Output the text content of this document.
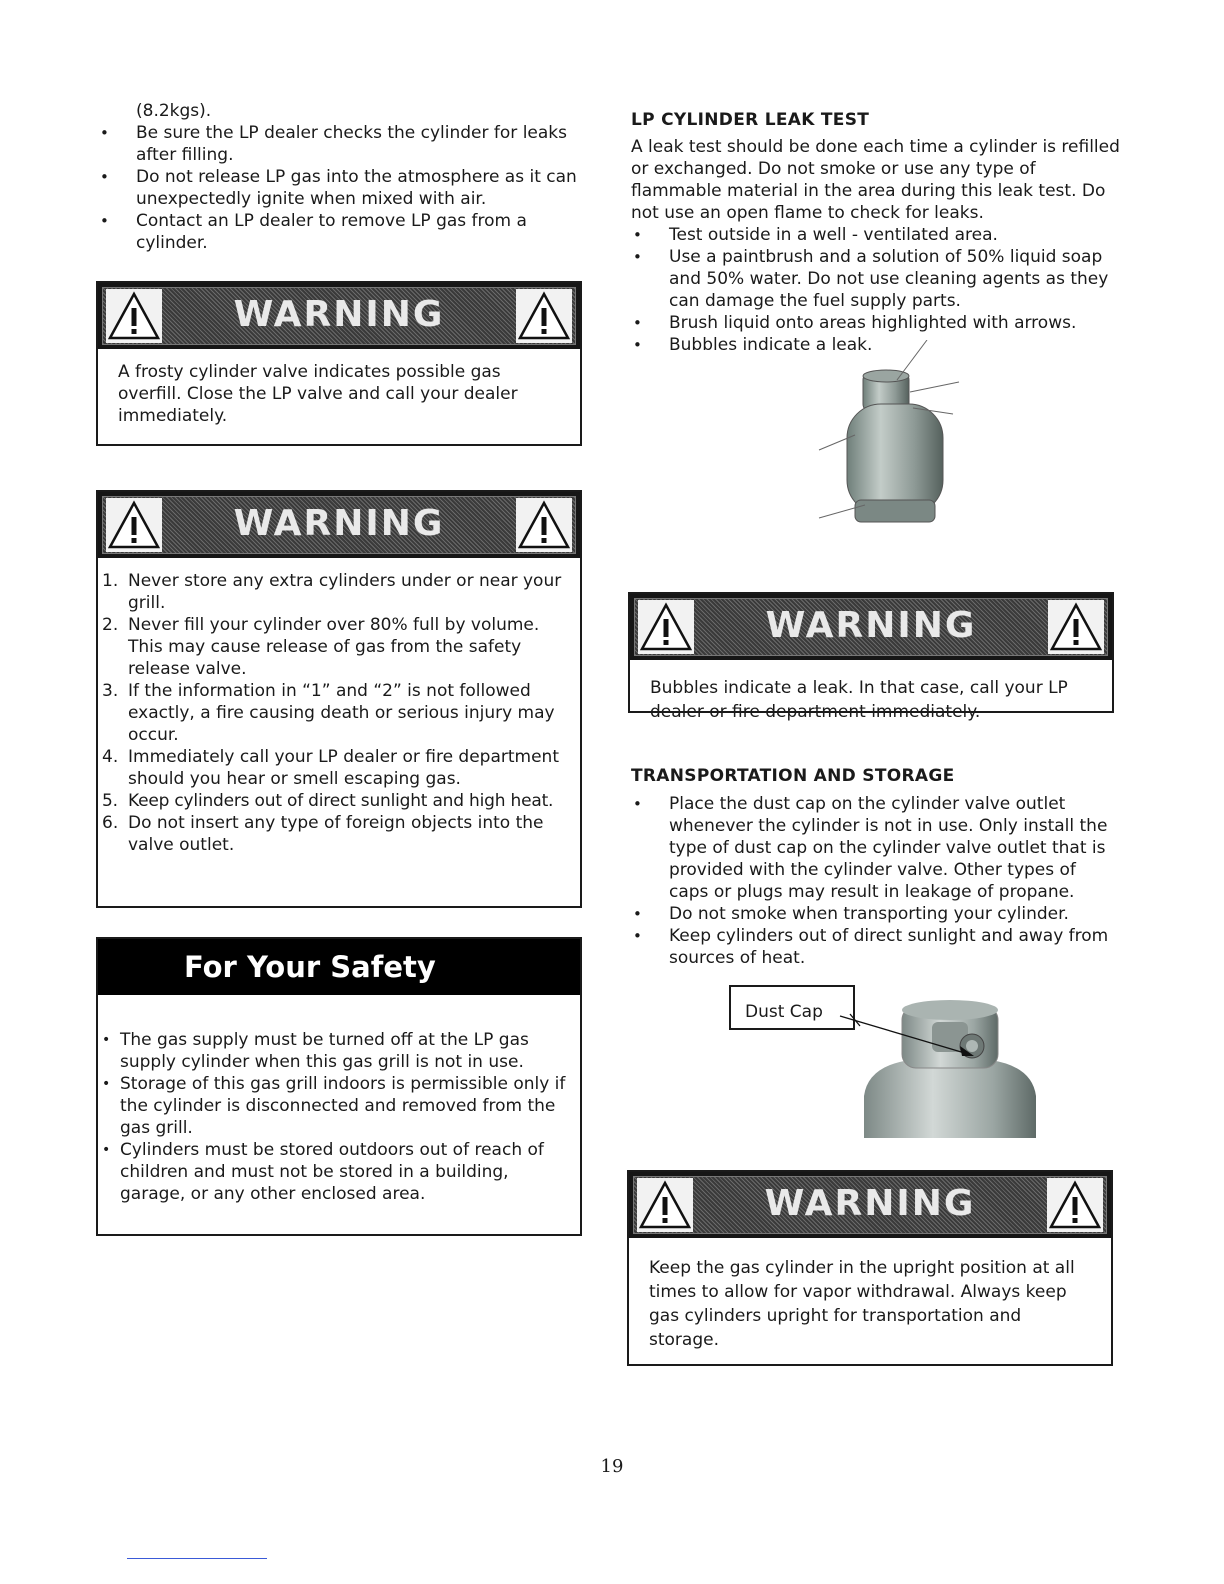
(8.2kgs).
• Be sure the LP dealer checks the cylinder for leaks after filling.
• Do not release LP gas into the atmosphere as it can unexpectedly ignite when mixed with air.
• Contact an LP dealer to remove LP gas from a cylinder.
WARNING
A frosty cylinder valve indicates possible gas overfill. Close the LP valve and call your dealer immediately.
WARNING
1. Never store any extra cylinders under or near your grill.
2. Never fill your cylinder over 80% full by volume. This may cause release of gas from the safety release valve.
3. If the information in “1” and “2” is not followed exactly, a fire causing death or serious injury may occur.
4. Immediately call your LP dealer or fire department should you hear or smell escaping gas.
5. Keep cylinders out of direct sunlight and high heat.
6. Do not insert any type of foreign objects into the valve outlet.
For Your Safety
• The gas supply must be turned off at the LP gas supply cylinder when this gas grill is not in use.
• Storage of this gas grill indoors is permissible only if the cylinder is disconnected and removed from the gas grill.
• Cylinders must be stored outdoors out of reach of children and must not be stored in a building, garage, or any other enclosed area.
LP CYLINDER LEAK TEST
A leak test should be done each time a cylinder is refilled or exchanged. Do not smoke or use any type of flammable material in the area during this leak test. Do not use an open flame to check for leaks.
• Test outside in a well - ventilated area.
• Use a paintbrush and a solution of 50% liquid soap and 50% water. Do not use cleaning agents as they can damage the fuel supply parts.
• Brush liquid onto areas highlighted with arrows.
• Bubbles indicate a leak.
WARNING
Bubbles indicate a leak. In that case, call your LP dealer or fire department immediately.
TRANSPORTATION AND STORAGE
• Place the dust cap on the cylinder valve outlet whenever the cylinder is not in use. Only install the type of dust cap on the cylinder valve outlet that is provided with the cylinder valve. Other types of caps or plugs may result in leakage of propane.
• Do not smoke when transporting your cylinder.
• Keep cylinders out of direct sunlight and away from sources of heat.
Dust Cap
WARNING
Keep the gas cylinder in the upright position at all times to allow for vapor withdrawal. Always keep gas cylinders upright for transportation and storage.
19
